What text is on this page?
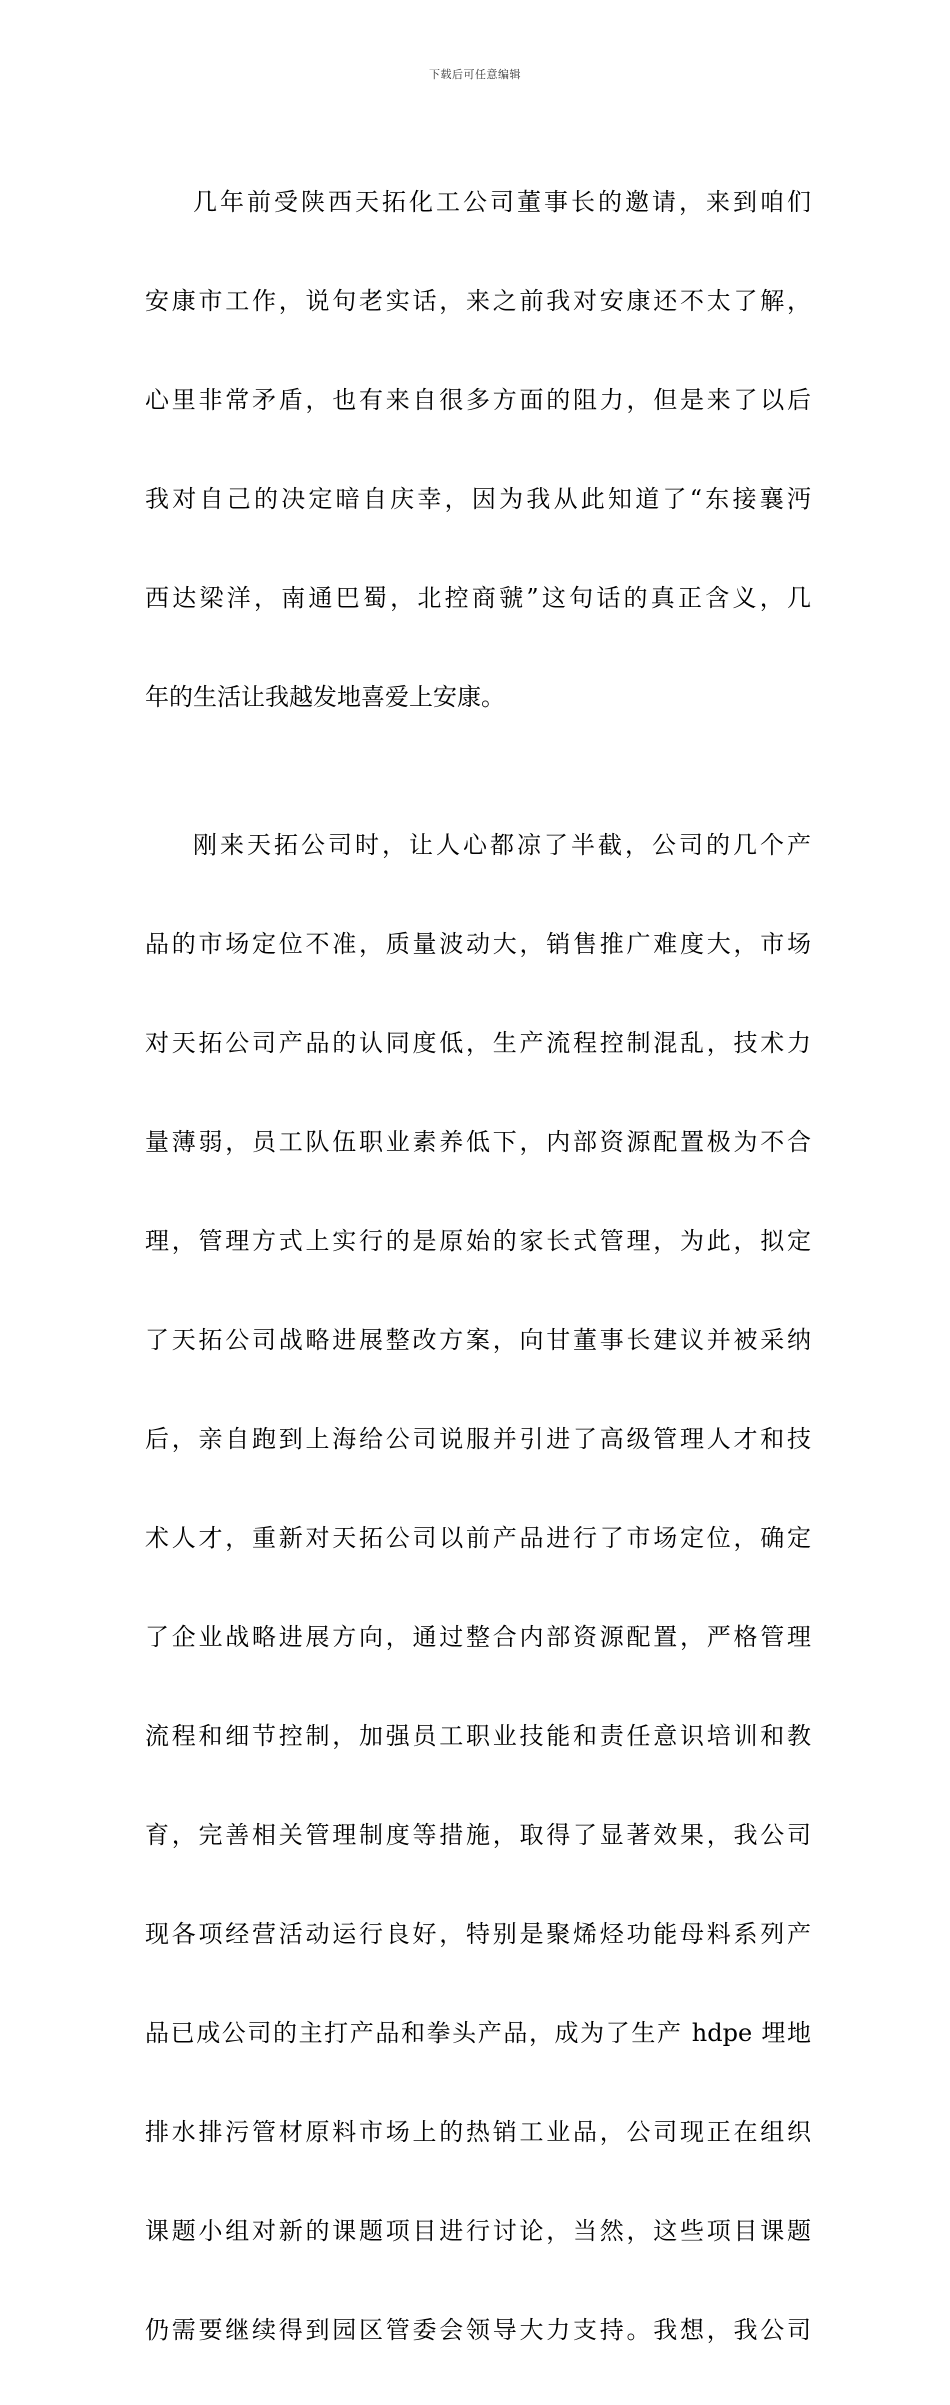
下载后可任意编辑

几年前受陕西天拓化工公司董事长的邀请，来到咱们

安康市工作，说句老实话，来之前我对安康还不太了解，

心里非常矛盾，也有来自很多方面的阻力，但是来了以后

我对自己的决定暗自庆幸，因为我从此知道了“东接襄沔

西达梁洋，南通巴蜀，北控商虢”这句话的真正含义，几

年的生活让我越发地喜爱上安康。

刚来天拓公司时，让人心都凉了半截，公司的几个产

品的市场定位不准，质量波动大，销售推广难度大，市场

对天拓公司产品的认同度低，生产流程控制混乱，技术力

量薄弱，员工队伍职业素养低下，内部资源配置极为不合

理，管理方式上实行的是原始的家长式管理，为此，拟定

了天拓公司战略进展整改方案，向甘董事长建议并被采纳

后，亲自跑到上海给公司说服并引进了高级管理人才和技

术人才，重新对天拓公司以前产品进行了市场定位，确定

了企业战略进展方向，通过整合内部资源配置，严格管理

流程和细节控制，加强员工职业技能和责任意识培训和教

育，完善相关管理制度等措施，取得了显著效果，我公司

现各项经营活动运行良好，特别是聚烯烃功能母料系列产

品已成公司的主打产品和拳头产品，成为了生产 hdpe 埋地

排水排污管材原料市场上的热销工业品，公司现正在组织

课题小组对新的课题项目进行讨论，当然，这些项目课题

仍需要继续得到园区管委会领导大力支持。我想，我公司
